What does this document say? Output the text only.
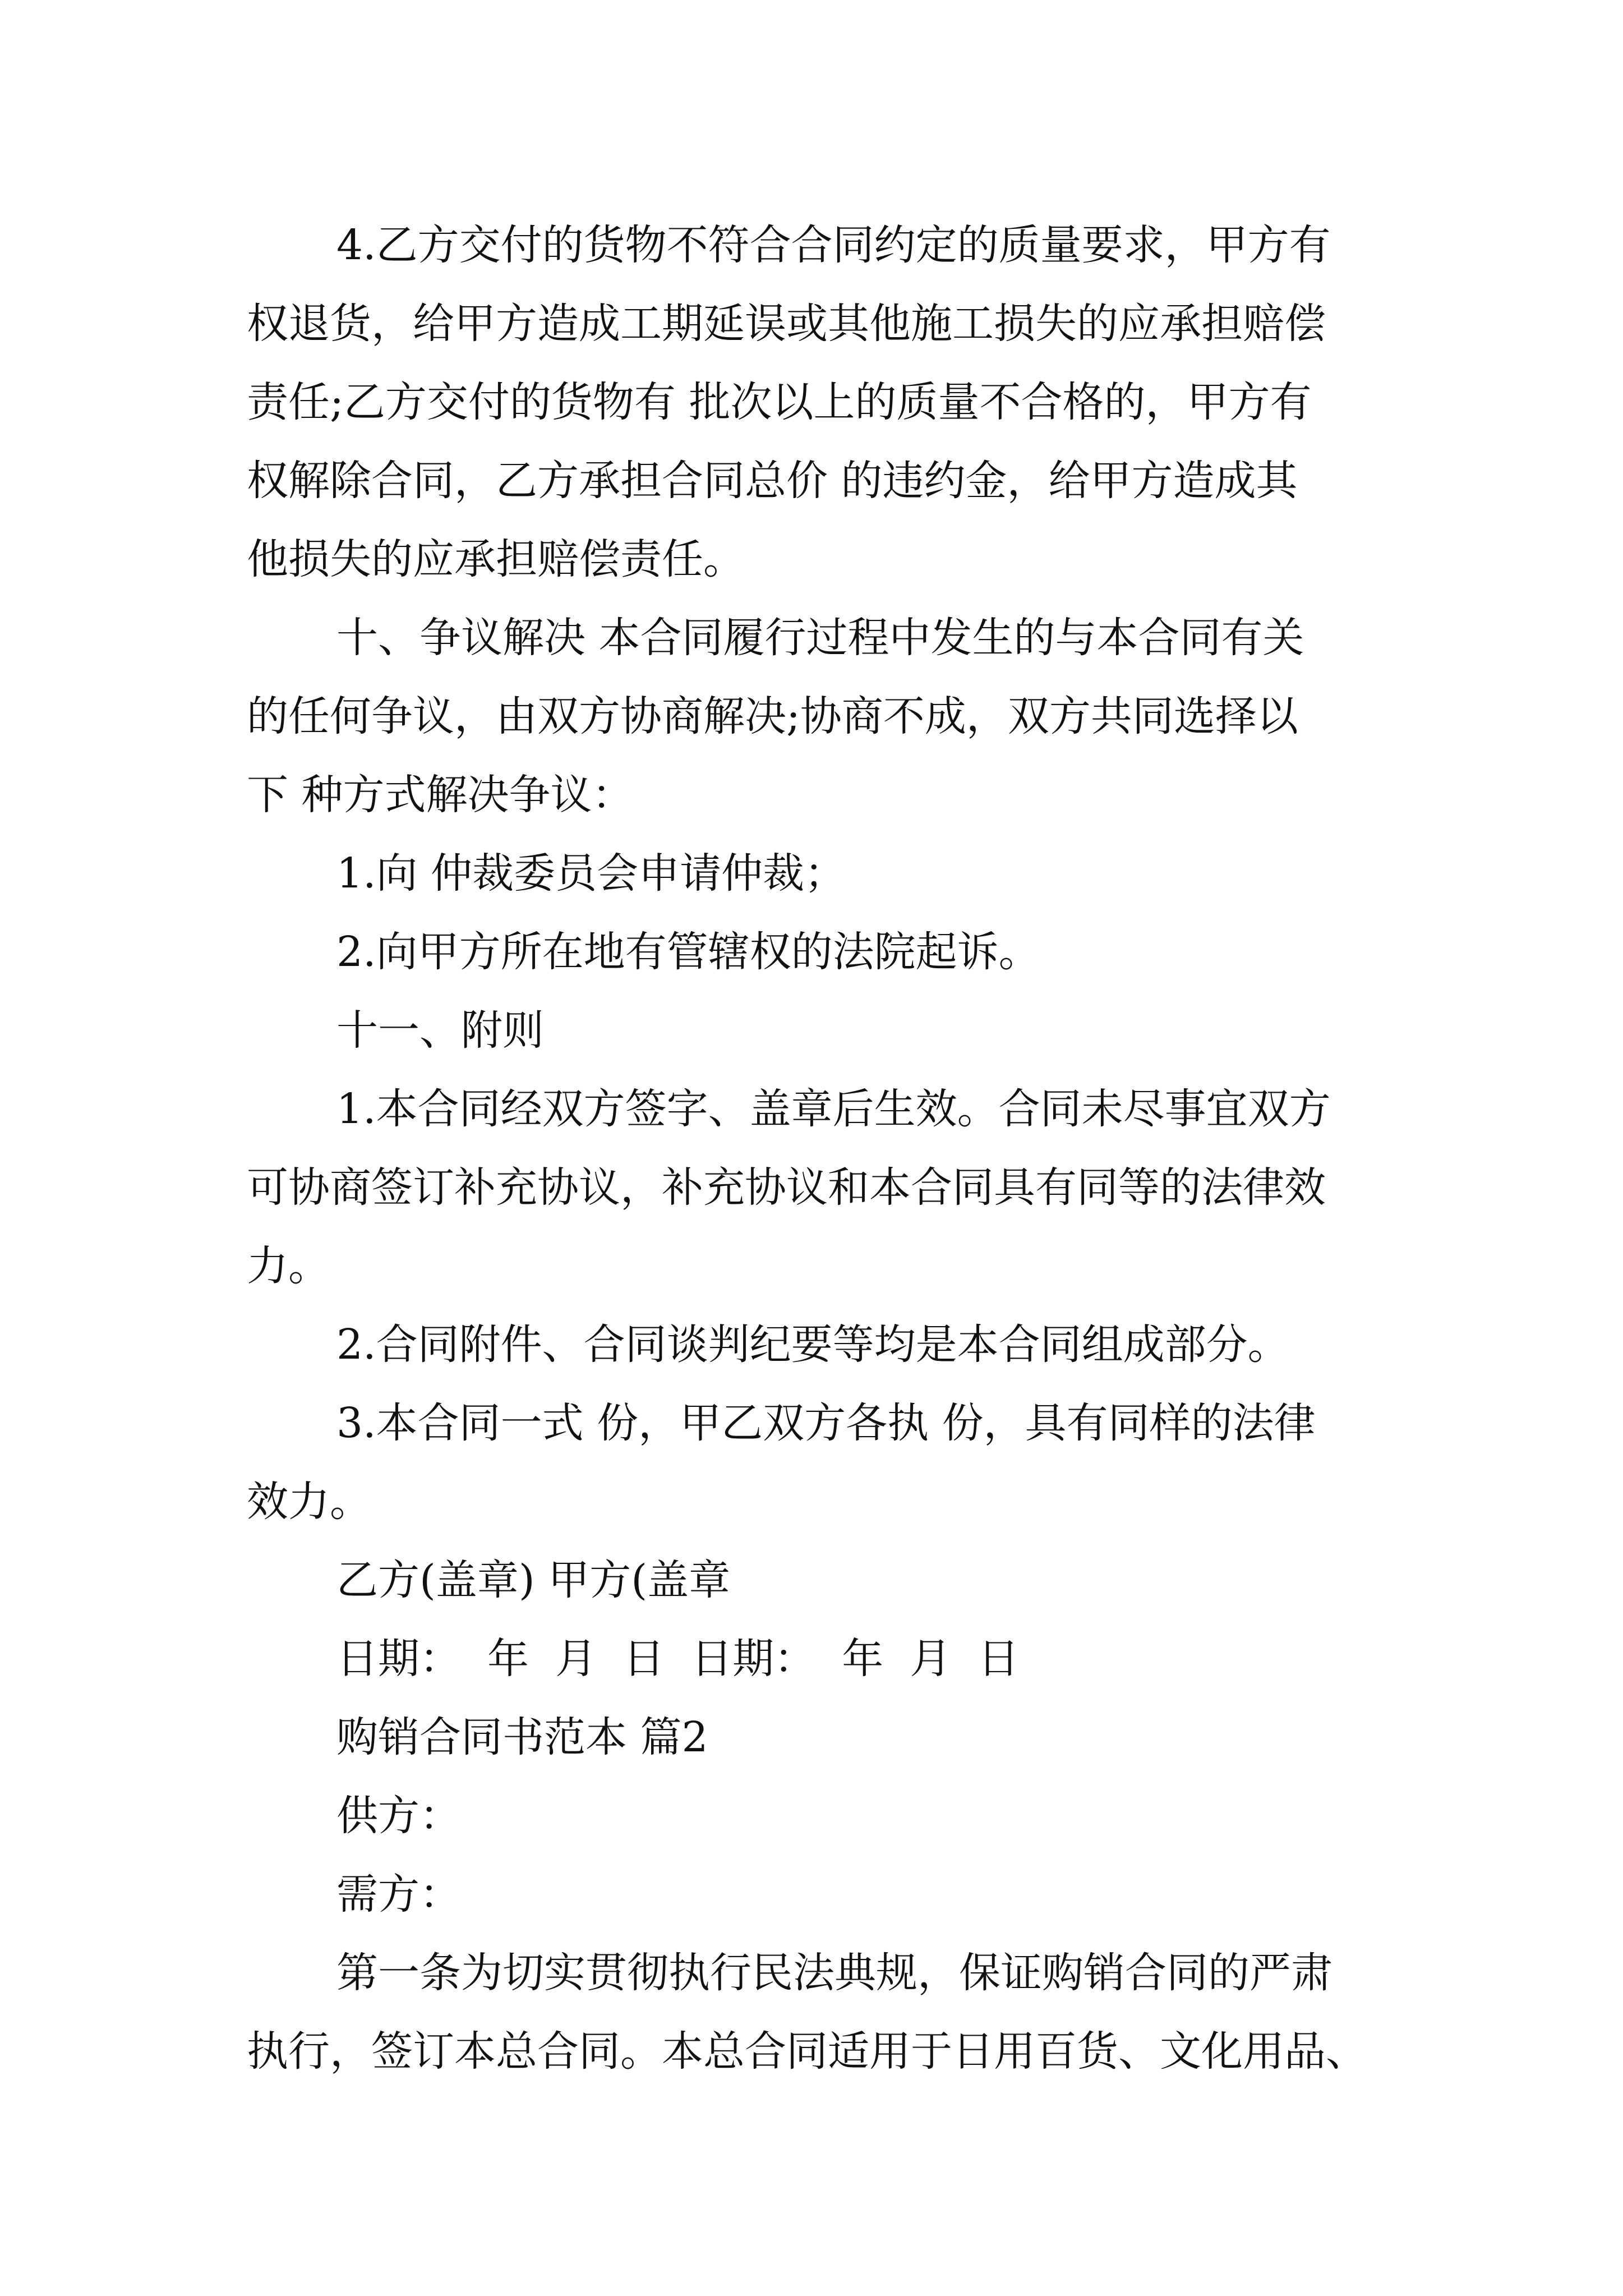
4.乙方交付的货物不符合合同约定的质量要求，甲方有
权退货，给甲方造成工期延误或其他施工损失的应承担赔偿
责任;乙方交付的货物有 批次以上的质量不合格的，甲方有
权解除合同，乙方承担合同总价 的违约金，给甲方造成其
他损失的应承担赔偿责任。
十、争议解决 本合同履行过程中发生的与本合同有关
的任何争议，由双方协商解决;协商不成，双方共同选择以
下 种方式解决争议：
1.向 仲裁委员会申请仲裁；
2.向甲方所在地有管辖权的法院起诉。
十一、附则
1.本合同经双方签字、盖章后生效。合同未尽事宜双方
可协商签订补充协议，补充协议和本合同具有同等的法律效
力。
2.合同附件、合同谈判纪要等均是本合同组成部分。
3.本合同一式 份，甲乙双方各执 份，具有同样的法律
效力。
乙方(盖章) 甲方(盖章
日期：  年  月  日  日期：  年  月  日
购销合同书范本 篇2
供方：
需方：
第一条为切实贯彻执行民法典规，保证购销合同的严肃
执行，签订本总合同。本总合同适用于日用百货、文化用品、
